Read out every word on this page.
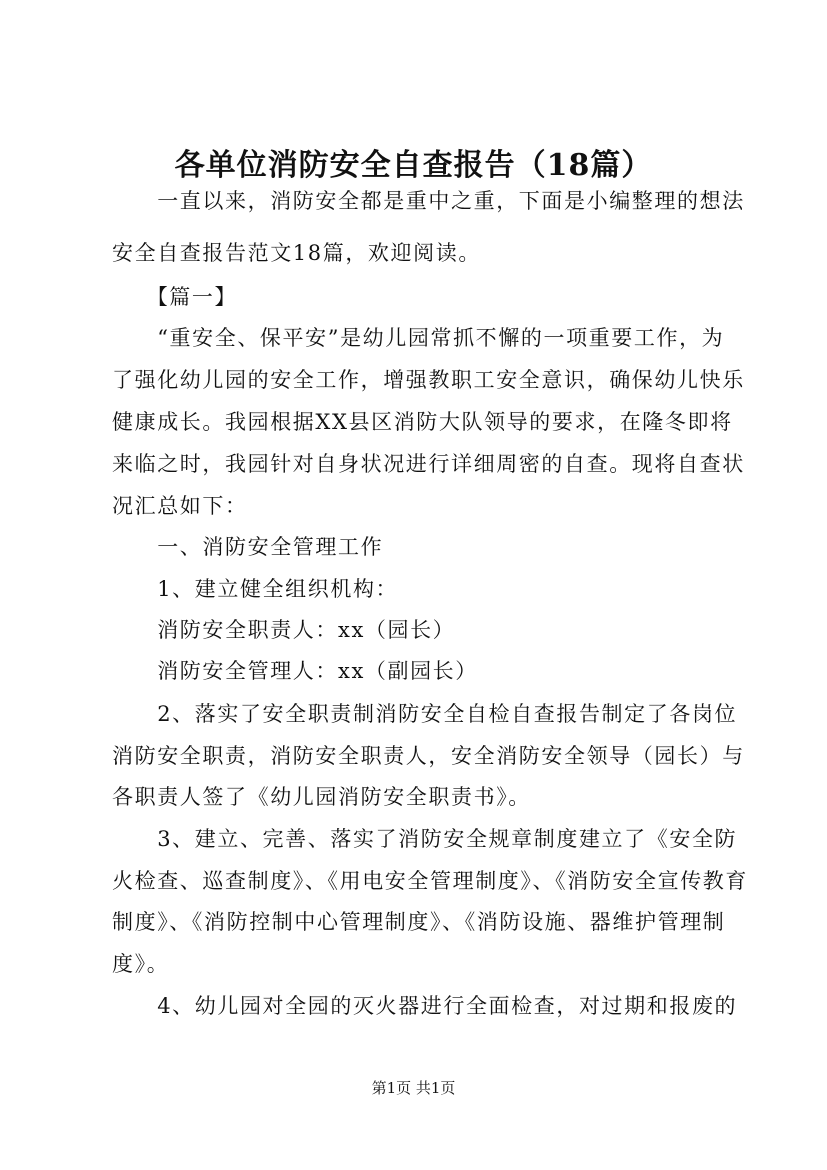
各单位消防安全自查报告（18篇）
　　一直以来，消防安全都是重中之重，下面是小编整理的想法
安全自查报告范文18篇，欢迎阅读。
　　【篇一】
　　“重安全、保平安”是幼儿园常抓不懈的一项重要工作，为
了强化幼儿园的安全工作，增强教职工安全意识，确保幼儿快乐
健康成长。我园根据XX县区消防大队领导的要求，在隆冬即将
来临之时，我园针对自身状况进行详细周密的自查。现将自查状
况汇总如下：
　　一、消防安全管理工作
　　1、建立健全组织机构：
　　消防安全职责人：xx（园长）
　　消防安全管理人：xx（副园长）
　　2、落实了安全职责制消防安全自检自查报告制定了各岗位
消防安全职责，消防安全职责人，安全消防安全领导（园长）与
各职责人签了《幼儿园消防安全职责书》。
　　3、建立、完善、落实了消防安全规章制度建立了《安全防
火检查、巡查制度》、《用电安全管理制度》、《消防安全宣传教育
制度》、《消防控制中心管理制度》、《消防设施、器维护管理制
度》。
　　4、幼儿园对全园的灭火器进行全面检查，对过期和报废的
第1页 共1页
